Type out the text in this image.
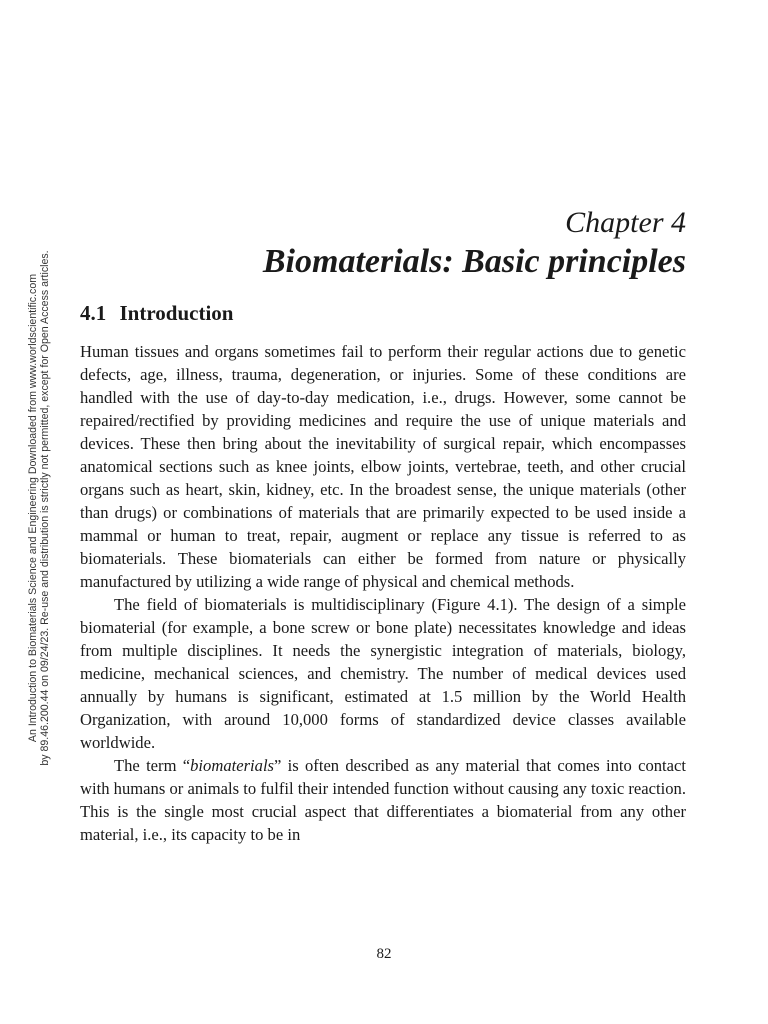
An Introduction to Biomaterials Science and Engineering Downloaded from www.worldscientific.com by 89.46.200.44 on 09/24/23. Re-use and distribution is strictly not permitted, except for Open Access articles.
Chapter 4
Biomaterials: Basic principles
4.1 Introduction

Human tissues and organs sometimes fail to perform their regular actions due to genetic defects, age, illness, trauma, degeneration, or injuries. Some of these conditions are handled with the use of day-to-day medication, i.e., drugs. However, some cannot be repaired/rectified by providing medicines and require the use of unique materials and devices. These then bring about the inevitability of surgical repair, which encompasses anatomical sections such as knee joints, elbow joints, vertebrae, teeth, and other crucial organs such as heart, skin, kidney, etc. In the broadest sense, the unique materials (other than drugs) or combinations of materials that are primarily expected to be used inside a mammal or human to treat, repair, augment or replace any tissue is referred to as biomaterials. These biomaterials can either be formed from nature or physically manufactured by utilizing a wide range of physical and chemical methods.

The field of biomaterials is multidisciplinary (Figure 4.1). The design of a simple biomaterial (for example, a bone screw or bone plate) necessitates knowledge and ideas from multiple disciplines. It needs the synergistic integration of materials, biology, medicine, mechanical sciences, and chemistry. The number of medical devices used annually by humans is significant, estimated at 1.5 million by the World Health Organization, with around 10,000 forms of standardized device classes available worldwide.

The term “biomaterials” is often described as any material that comes into contact with humans or animals to fulfil their intended function without causing any toxic reaction. This is the single most crucial aspect that differentiates a biomaterial from any other material, i.e., its capacity to be in

82
